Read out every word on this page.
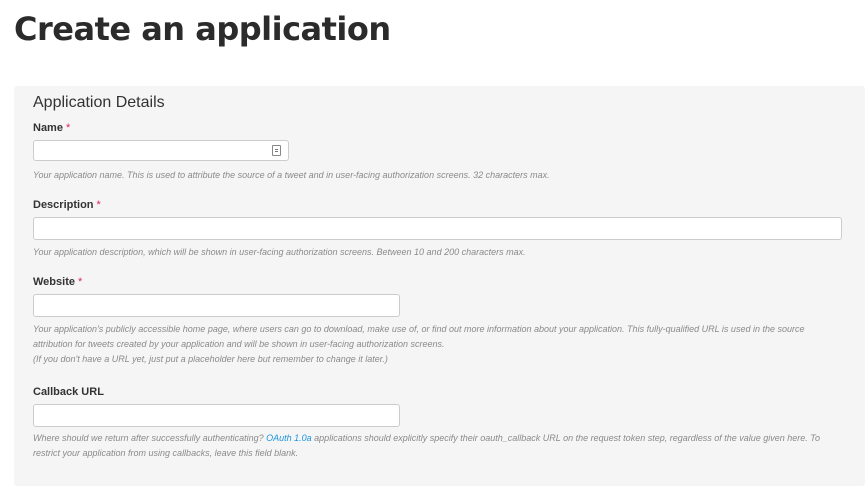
Create an application
Application Details
Name *

Your application name. This is used to attribute the source of a tweet and in user-facing authorization screens. 32 characters max.

Description *

Your application description, which will be shown in user-facing authorization screens. Between 10 and 200 characters max.

Website *

Your application's publicly accessible home page, where users can go to download, make use of, or find out more information about your application. This fully-qualified URL is used in the source
attribution for tweets created by your application and will be shown in user-facing authorization screens.
(If you don't have a URL yet, just put a placeholder here but remember to change it later.)

Callback URL

Where should we return after successfully authenticating? OAuth 1.0a applications should explicitly specify their oauth_callback URL on the request token step, regardless of the value given here. To
restrict your application from using callbacks, leave this field blank.
